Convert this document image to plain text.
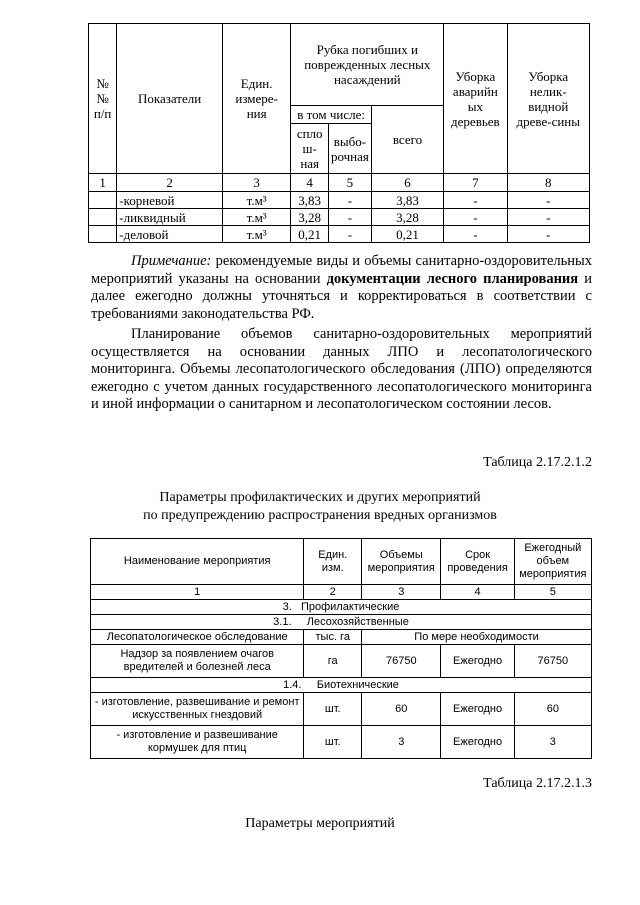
№ № п/п	Показатели	Един. измере- ния	Рубка погибших и поврежденных лесных насаждений			Уборка аварийн ых деревьев	Уборка нелик- видной древе-сины
			в том числе:		всего		
			спло ш- ная	выбо- рочная			
1	2	3	4	5	6	7	8
	-корневой	т.м³	3,83	-	3,83	-	-
	-ликвидный	т.м³	3,28	-	3,28	-	-
	-деловой	т.м³	0,21	-	0,21	-	-

Примечание: рекомендуемые виды и объемы санитарно-оздоровительных мероприятий указаны на основании документации лесного планирования и далее ежегодно должны уточняться и корректироваться в соответствии с требованиями законодательства РФ.

Планирование объемов санитарно-оздоровительных мероприятий осуществляется на основании данных ЛПО и лесопатологического мониторинга. Объемы лесопатологического обследования (ЛПО) определяются ежегодно с учетом данных государственного лесопатологического мониторинга и иной информации о санитарном и лесопатологическом состоянии лесов.

Таблица 2.17.2.1.2
Параметры профилактических и других мероприятий
по предупреждению распространения вредных организмов
Наименование мероприятия	Един. изм.	Объемы мероприятия	Срок проведения	Ежегодный объем мероприятия
1	2	3	4	5
3.   Профилактические				
3.1.     Лесохозяйственные				
Лесопатологическое обследование	тыс. га	По мере необходимости		
Надзор за появлением очагов вредителей и болезней леса	га	76750	Ежегодно	76750
1.4.     Биотехнические				
- изготовление, развешивание и ремонт искусственных гнездовий	шт.	60	Ежегодно	60
- изготовление и развешивание кормушек для птиц	шт.	3	Ежегодно	3
Таблица 2.17.2.1.3
Параметры мероприятий
